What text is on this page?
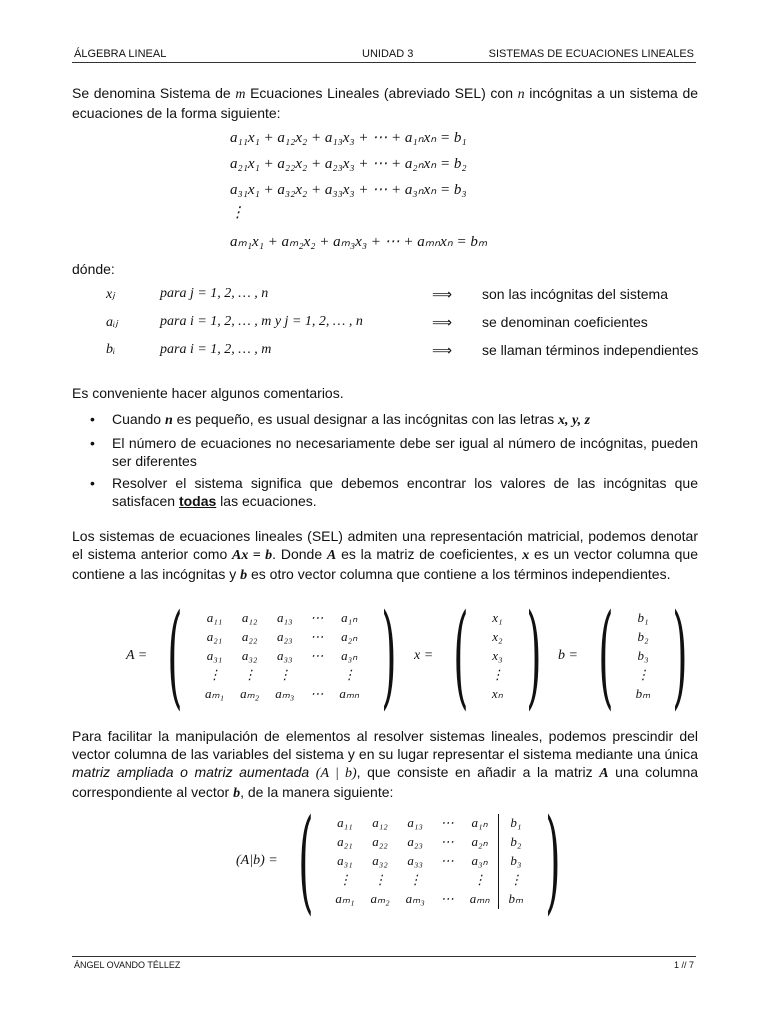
ÁLGEBRA LINEAL	UNIDAD 3	SISTEMAS DE ECUACIONES LINEALES
Se denomina Sistema de m Ecuaciones Lineales (abreviado SEL) con n incógnitas a un sistema de ecuaciones de la forma siguiente:
a₁₁x₁ + a₁₂x₂ + a₁₃x₃ + ⋯ + a₁ₙxₙ = b₁
a₂₁x₁ + a₂₂x₂ + a₂₃x₃ + ⋯ + a₂ₙxₙ = b₂
a₃₁x₁ + a₃₂x₂ + a₃₃x₃ + ⋯ + a₃ₙxₙ = b₃
⋮
aₘ₁x₁ + aₘ₂x₂ + aₘ₃x₃ + ⋯ + aₘₙxₙ = bₘ
dónde:
xⱼ	para j = 1, 2, … , n	⟹ son las incógnitas del sistema
aᵢⱼ	para i = 1, 2, … , m y j = 1, 2, … , n	⟹ se denominan coeficientes
bᵢ	para i = 1, 2, … , m	⟹ se llaman términos independientes
Es conveniente hacer algunos comentarios.
• Cuando n es pequeño, es usual designar a las incógnitas con las letras x, y, z
• El número de ecuaciones no necesariamente debe ser igual al número de incógnitas, pueden ser diferentes
• Resolver el sistema significa que debemos encontrar los valores de las incógnitas que satisfacen todas las ecuaciones.
Los sistemas de ecuaciones lineales (SEL) admiten una representación matricial, podemos denotar el sistema anterior como Ax = b. Donde A es la matriz de coeficientes, x es un vector columna que contiene a las incógnitas y b es otro vector columna que contiene a los términos independientes.
A = ( a₁₁	a₁₂	a₁₃	⋯	a₁ₙ
a₂₁	a₂₂	a₂₃	⋯	a₂ₙ
a₃₁	a₃₂	a₃₃	⋯	a₃ₙ
⋮	⋮	⋮		⋮
aₘ₁	aₘ₂	aₘ₃	⋯	aₘₙ ) x = ( x₁
x₂
x₃
⋮
xₙ ) b = ( b₁
b₂
b₃
⋮
bₘ )
Para facilitar la manipulación de elementos al resolver sistemas lineales, podemos prescindir del vector columna de las variables del sistema y en su lugar representar el sistema mediante una única matriz ampliada o matriz aumentada (A | b), que consiste en añadir a la matriz A una columna correspondiente al vector b, de la manera siguiente:
(A|b) = ( a₁₁	a₁₂	a₁₃	⋯	a₁ₙ	b₁
a₂₁	a₂₂	a₂₃	⋯	a₂ₙ	b₂
a₃₁	a₃₂	a₃₃	⋯	a₃ₙ	b₃
⋮	⋮	⋮		⋮	⋮
aₘ₁	aₘ₂	aₘ₃	⋯	aₘₙ	bₘ )
ÁNGEL OVANDO TÉLLEZ	1 // 7
